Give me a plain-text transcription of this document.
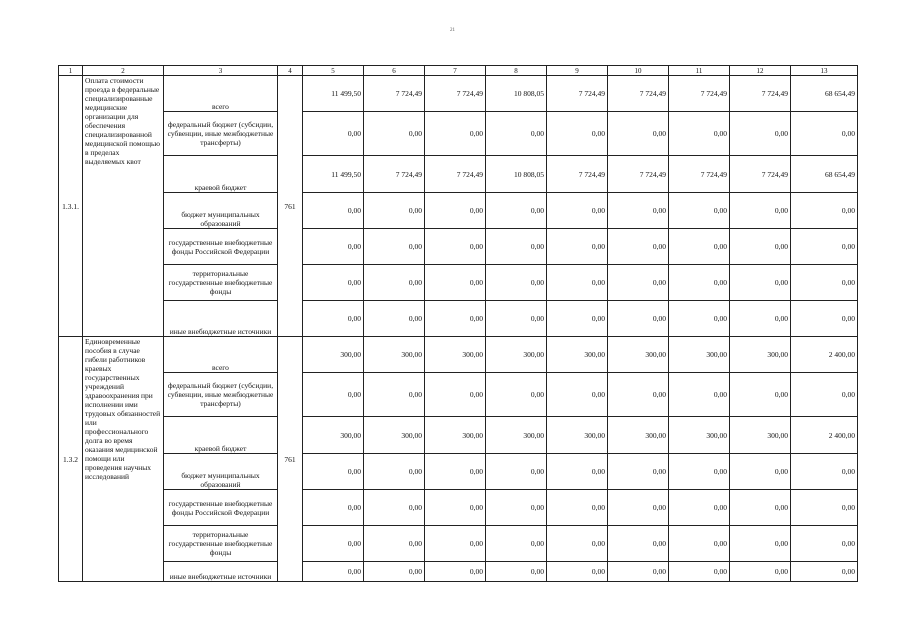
21
1	2	3	4	5	6	7	8	9	10	11	12	13
1.3.1.	Оплата стоимости проезда в федеральные специализированные медицинские организации для обеспечения специализированной медицинской помощью в пределах выделяемых квот	всего	761	11 499,50	7 724,49	7 724,49	10 808,05	7 724,49	7 724,49	7 724,49	7 724,49	68 654,49
		федеральный бюджет (субсидии, субвенции, иные межбюджетные трансферты)		0,00	0,00	0,00	0,00	0,00	0,00	0,00	0,00	0,00
		краевой бюджет		11 499,50	7 724,49	7 724,49	10 808,05	7 724,49	7 724,49	7 724,49	7 724,49	68 654,49
		бюджет муниципальных образований		0,00	0,00	0,00	0,00	0,00	0,00	0,00	0,00	0,00
		государственные внебюджетные фонды Российской Федерации		0,00	0,00	0,00	0,00	0,00	0,00	0,00	0,00	0,00
		территориальные государственные внебюджетные фонды		0,00	0,00	0,00	0,00	0,00	0,00	0,00	0,00	0,00
		иные внебюджетные источники		0,00	0,00	0,00	0,00	0,00	0,00	0,00	0,00	0,00
1.3.2	Единовременные пособия в случае гибели работников краевых государственных учреждений здравоохранения при исполнении ими трудовых обязанностей или профессионального долга во время оказания медицинской помощи или проведения научных исследований	всего	761	300,00	300,00	300,00	300,00	300,00	300,00	300,00	300,00	2 400,00
		федеральный бюджет (субсидии, субвенции, иные межбюджетные трансферты)		0,00	0,00	0,00	0,00	0,00	0,00	0,00	0,00	0,00
		краевой бюджет		300,00	300,00	300,00	300,00	300,00	300,00	300,00	300,00	2 400,00
		бюджет муниципальных образований		0,00	0,00	0,00	0,00	0,00	0,00	0,00	0,00	0,00
		государственные внебюджетные фонды Российской Федерации		0,00	0,00	0,00	0,00	0,00	0,00	0,00	0,00	0,00
		территориальные государственные внебюджетные фонды		0,00	0,00	0,00	0,00	0,00	0,00	0,00	0,00	0,00
		иные внебюджетные источники		0,00	0,00	0,00	0,00	0,00	0,00	0,00	0,00	0,00
